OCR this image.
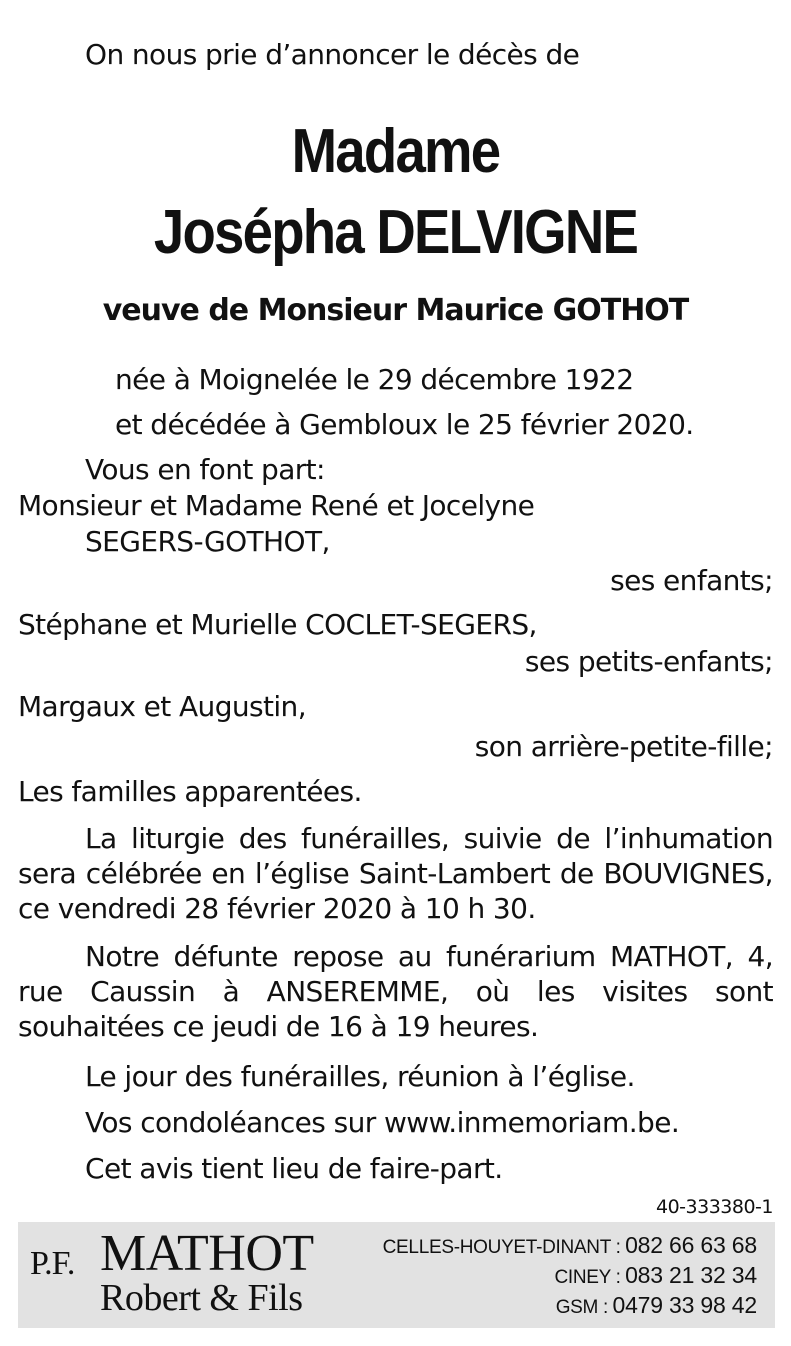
On nous prie d’annoncer le décès de
Madame
Josépha DELVIGNE
veuve de Monsieur Maurice GOTHOT
née à Moignelée le 29 décembre 1922
et décédée à Gembloux le 25 février 2020.
Vous en font part:
Monsieur et Madame René et Jocelyne
SEGERS-GOTHOT,
ses enfants;
Stéphane et Murielle COCLET-SEGERS,
ses petits-enfants;
Margaux et Augustin,
son arrière-petite-fille;
Les familles apparentées.
La liturgie des funérailles, suivie de l’inhumation sera célébrée en l’église Saint-Lambert de BOUVIGNES, ce vendredi 28 février 2020 à 10 h 30.
Notre défunte repose au funérarium MATHOT, 4, rue Caussin à ANSEREMME, où les visites sont souhaitées ce jeudi de 16 à 19 heures.
Le jour des funérailles, réunion à l’église.
Vos condoléances sur www.inmemoriam.be.
Cet avis tient lieu de faire-part.
40-333380-1
P.F. MATHOT
Robert & Fils
CELLES-HOUYET-DINANT : 082 66 63 68
CINEY : 083 21 32 34
GSM : 0479 33 98 42
